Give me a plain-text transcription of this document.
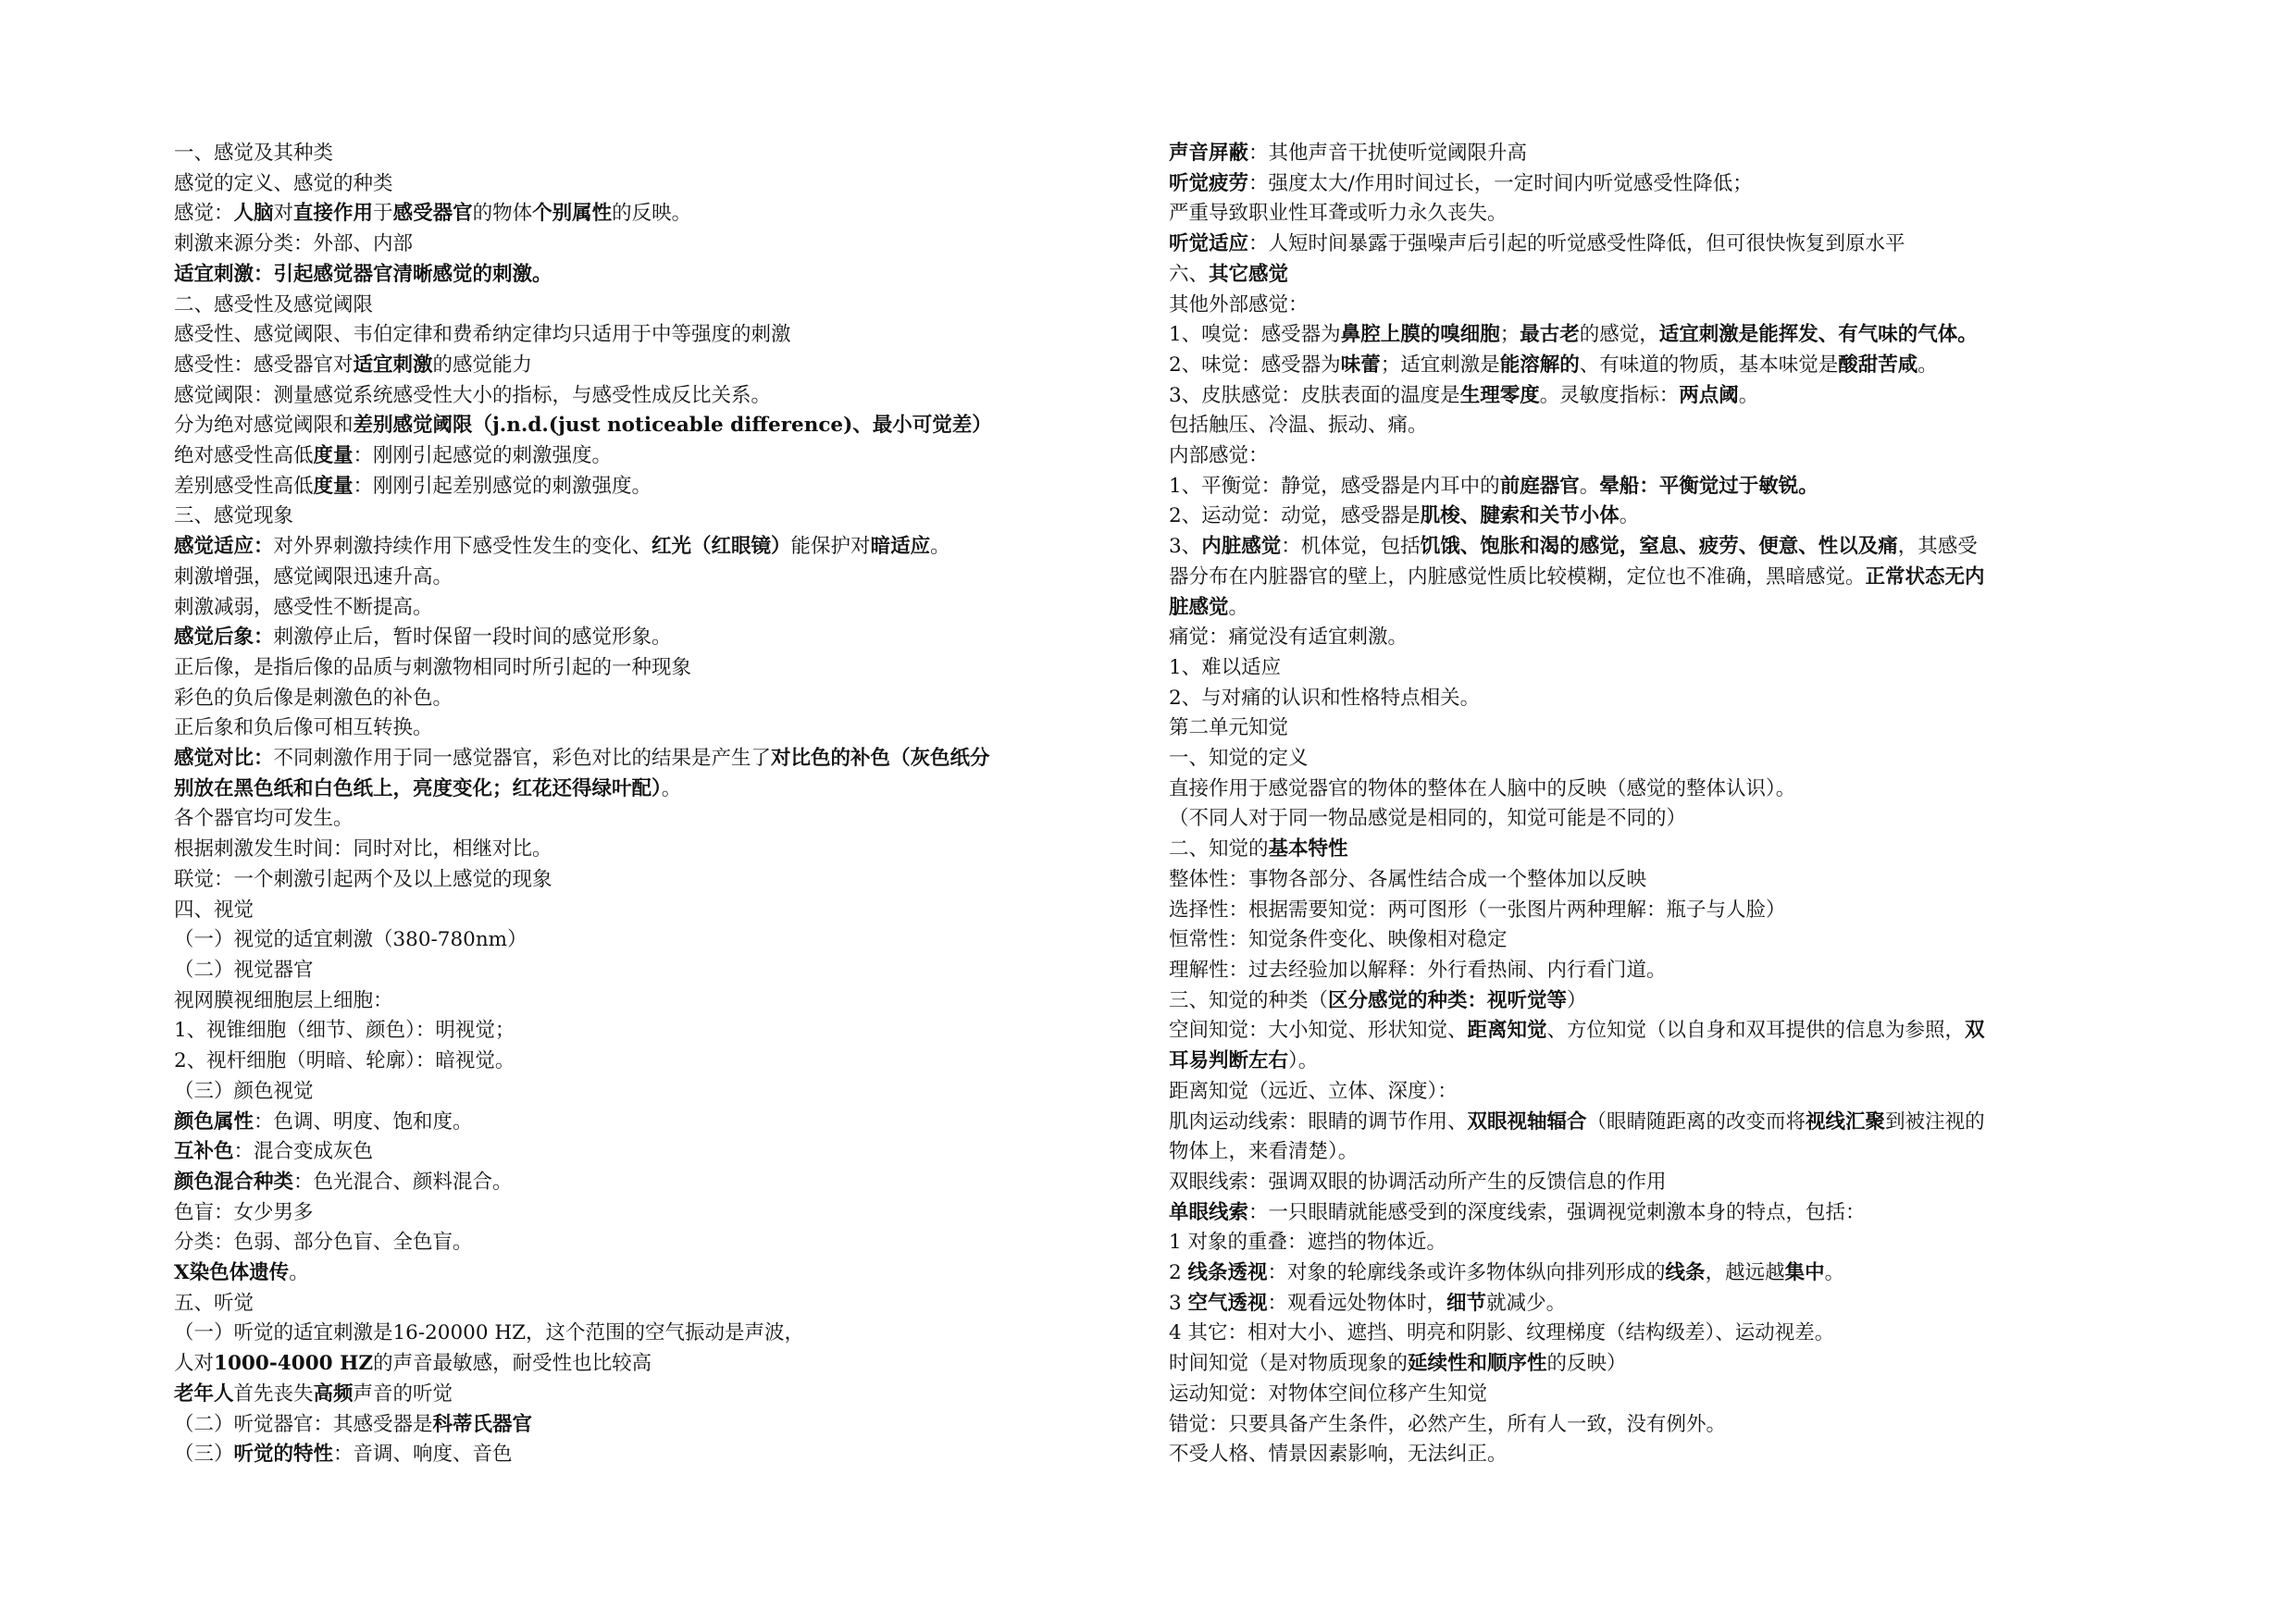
一、感觉及其种类
感觉的定义、感觉的种类
感觉：人脑对直接作用于感受器官的物体个别属性的反映。
刺激来源分类：外部、内部
适宜刺激：引起感觉器官清晰感觉的刺激。
二、感受性及感觉阈限
感受性、感觉阈限、韦伯定律和费希纳定律均只适用于中等强度的刺激
感受性：感受器官对适宜刺激的感觉能力
感觉阈限：测量感觉系统感受性大小的指标，与感受性成反比关系。
分为绝对感觉阈限和差别感觉阈限（j.n.d.(just noticeable difference)、最小可觉差）
绝对感受性高低度量：刚刚引起感觉的刺激强度。
差别感受性高低度量：刚刚引起差别感觉的刺激强度。
三、感觉现象
感觉适应：对外界刺激持续作用下感受性发生的变化、红光（红眼镜）能保护对暗适应。
刺激增强，感觉阈限迅速升高。
刺激减弱，感受性不断提高。
感觉后象：刺激停止后，暂时保留一段时间的感觉形象。
正后像，是指后像的品质与刺激物相同时所引起的一种现象
彩色的负后像是刺激色的补色。
正后象和负后像可相互转换。
感觉对比：不同刺激作用于同一感觉器官，彩色对比的结果是产生了对比色的补色（灰色纸分
别放在黑色纸和白色纸上，亮度变化；红花还得绿叶配）。
各个器官均可发生。
根据刺激发生时间：同时对比，相继对比。
联觉：一个刺激引起两个及以上感觉的现象
四、视觉
（一）视觉的适宜刺激（380-780nm）
（二）视觉器官
视网膜视细胞层上细胞：
1、视锥细胞（细节、颜色）：明视觉；
2、视杆细胞（明暗、轮廓）：暗视觉。
（三）颜色视觉
颜色属性：色调、明度、饱和度。
互补色：混合变成灰色
颜色混合种类：色光混合、颜料混合。
色盲：女少男多
分类：色弱、部分色盲、全色盲。
X染色体遗传。
五、听觉
（一）听觉的适宜刺激是16-20000 HZ，这个范围的空气振动是声波，
人对1000-4000 HZ的声音最敏感，耐受性也比较高
老年人首先丧失高频声音的听觉
（二）听觉器官：其感受器是科蒂氏器官
（三）听觉的特性：音调、响度、音色
声音屏蔽：其他声音干扰使听觉阈限升高
听觉疲劳：强度太大/作用时间过长，一定时间内听觉感受性降低；
严重导致职业性耳聋或听力永久丧失。
听觉适应：人短时间暴露于强噪声后引起的听觉感受性降低，但可很快恢复到原水平
六、其它感觉
其他外部感觉：
1、嗅觉：感受器为鼻腔上膜的嗅细胞；最古老的感觉，适宜刺激是能挥发、有气味的气体。
2、味觉：感受器为味蕾；适宜刺激是能溶解的、有味道的物质，基本味觉是酸甜苦咸。
3、皮肤感觉：皮肤表面的温度是生理零度。灵敏度指标：两点阈。
包括触压、冷温、振动、痛。
内部感觉：
1、平衡觉：静觉，感受器是内耳中的前庭器官。晕船：平衡觉过于敏锐。
2、运动觉：动觉，感受器是肌梭、腱索和关节小体。
3、内脏感觉：机体觉，包括饥饿、饱胀和渴的感觉，窒息、疲劳、便意、性以及痛，其感受
器分布在内脏器官的壁上，内脏感觉性质比较模糊，定位也不准确，黑暗感觉。正常状态无内
脏感觉。
痛觉：痛觉没有适宜刺激。
1、难以适应
2、与对痛的认识和性格特点相关。
第二单元知觉
一、知觉的定义
直接作用于感觉器官的物体的整体在人脑中的反映（感觉的整体认识）。
（不同人对于同一物品感觉是相同的，知觉可能是不同的）
二、知觉的基本特性
整体性：事物各部分、各属性结合成一个整体加以反映
选择性：根据需要知觉：两可图形（一张图片两种理解：瓶子与人脸）
恒常性：知觉条件变化、映像相对稳定
理解性：过去经验加以解释：外行看热闹、内行看门道。
三、知觉的种类（区分感觉的种类：视听觉等）
空间知觉：大小知觉、形状知觉、距离知觉、方位知觉（以自身和双耳提供的信息为参照，双
耳易判断左右）。
距离知觉（远近、立体、深度）：
肌肉运动线索：眼睛的调节作用、双眼视轴辐合（眼睛随距离的改变而将视线汇聚到被注视的
物体上，来看清楚）。
双眼线索：强调双眼的协调活动所产生的反馈信息的作用
单眼线索：一只眼睛就能感受到的深度线索，强调视觉刺激本身的特点，包括：
1 对象的重叠：遮挡的物体近。
2 线条透视：对象的轮廓线条或许多物体纵向排列形成的线条，越远越集中。
3 空气透视：观看远处物体时，细节就减少。
4 其它：相对大小、遮挡、明亮和阴影、纹理梯度（结构级差）、运动视差。
时间知觉（是对物质现象的延续性和顺序性的反映）
运动知觉：对物体空间位移产生知觉
错觉：只要具备产生条件，必然产生，所有人一致，没有例外。
不受人格、情景因素影响，无法纠正。
